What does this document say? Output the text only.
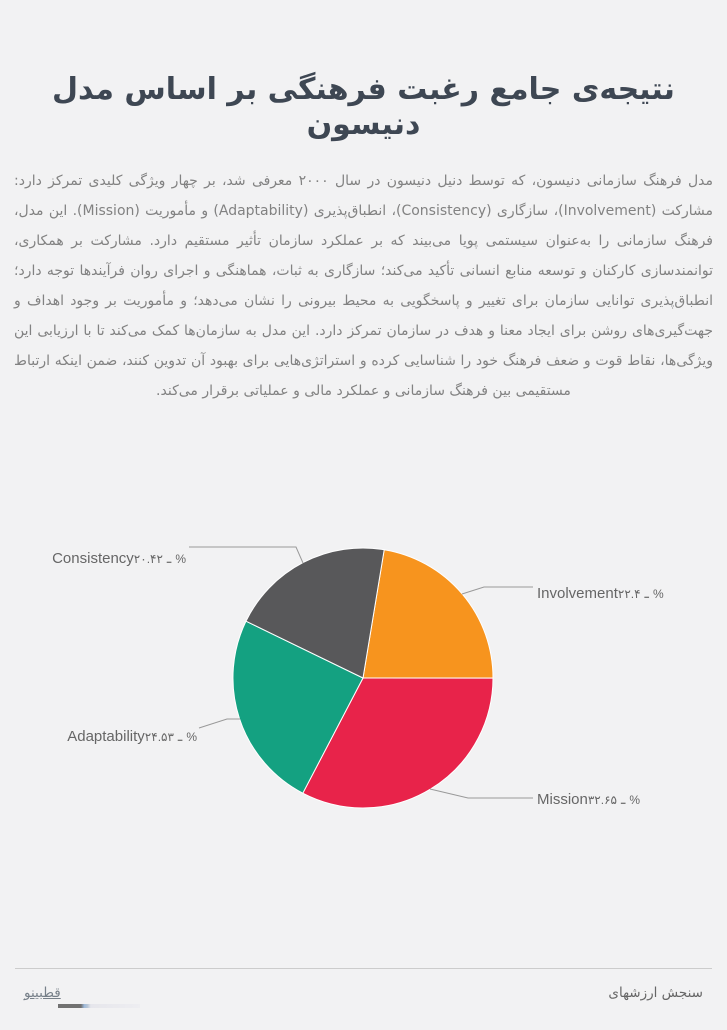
نتیجه‌ی جامع رغبت فرهنگی بر اساس مدل دنیسون

مدل فرهنگ سازمانی دنیسون، که توسط دنیل دنیسون در سال ۲۰۰۰ معرفی شد، بر چهار ویژگی کلیدی تمرکز دارد: مشارکت (Involvement)، سازگاری (Consistency)، انطباق‌پذیری (Adaptability) و مأموریت (Mission). این مدل، فرهنگ سازمانی را به‌عنوان سیستمی پویا می‌بیند که بر عملکرد سازمان تأثیر مستقیم دارد. مشارکت بر همکاری، توانمندسازی کارکنان و توسعه منابع انسانی تأکید می‌کند؛ سازگاری به ثبات، هماهنگی و اجرای روان فرآیندها توجه دارد؛ انطباق‌پذیری توانایی سازمان برای تغییر و پاسخگویی به محیط بیرونی را نشان می‌دهد؛ و مأموریت بر وجود اهداف و جهت‌گیری‌های روشن برای ایجاد معنا و هدف در سازمان تمرکز دارد. این مدل به سازمان‌ها کمک می‌کند تا با ارزیابی این ویژگی‌ها، نقاط قوت و ضعف فرهنگ خود را شناسایی کرده و استراتژی‌هایی برای بهبود آن تدوین کنند، ضمن اینکه ارتباط مستقیمی بین فرهنگ سازمانی و عملکرد مالی و عملیاتی برقرار می‌کند.

Involvement ـ۲۲.۴%
Mission ـ۳۲.۶۵%
Adaptability ـ۲۴.۵۳%
Consistency ـ۲۰.۴۲%
سنجش ارزشهای
قطبینو
